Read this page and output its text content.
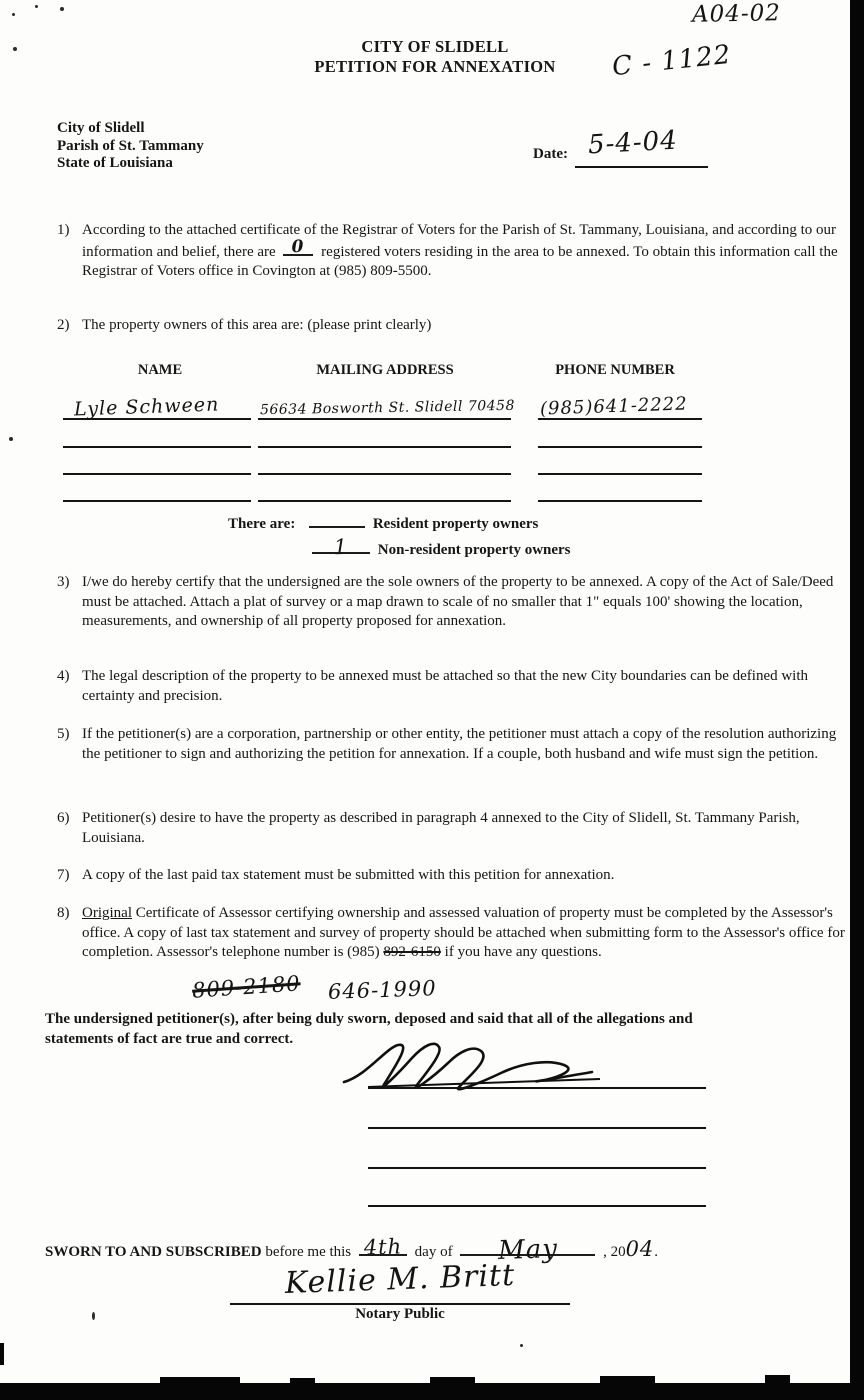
A04-02
CITY OF SLIDELL
PETITION FOR ANNEXATION	C - 1122
City of Slidell
Parish of St. Tammany
State of Louisiana
Date: 5-4-04
1) According to the attached certificate of the Registrar of Voters for the Parish of St. Tammany, Louisiana, and according to our information and belief, there are 0 registered voters residing in the area to be annexed. To obtain this information call the Registrar of Voters office in Covington at (985) 809-5500.
2) The property owners of this area are: (please print clearly)
NAME	MAILING ADDRESS	PHONE NUMBER
Lyle Schween	56634 Bosworth St. Slidell 70458 (985)641-2222
There are:	Resident property owners
1 Non-resident property owners
3) I/we do hereby certify that the undersigned are the sole owners of the property to be annexed. A copy of the Act of Sale/Deed must be attached. Attach a plat of survey or a map drawn to scale of no smaller that 1" equals 100' showing the location, measurements, and ownership of all property proposed for annexation.
4) The legal description of the property to be annexed must be attached so that the new City boundaries can be defined with certainty and precision.
5) If the petitioner(s) are a corporation, partnership or other entity, the petitioner must attach a copy of the resolution authorizing the petitioner to sign and authorizing the petition for annexation. If a couple, both husband and wife must sign the petition.
6) Petitioner(s) desire to have the property as described in paragraph 4 annexed to the City of Slidell, St. Tammany Parish, Louisiana.
7) A copy of the last paid tax statement must be submitted with this petition for annexation.
8) Original Certificate of Assessor certifying ownership and assessed valuation of property must be completed by the Assessor's office. A copy of last tax statement and survey of property should be attached when submitting form to the Assessor's office for completion. Assessor's telephone number is (985) 892-6150 if you have any questions.
809-2180 646-1990
The undersigned petitioner(s), after being duly sworn, deposed and said that all of the allegations and statements of fact are true and correct.
SWORN TO AND SUBSCRIBED before me this 4th day of May	, 2004.
Kellie M. Britt
Notary Public
